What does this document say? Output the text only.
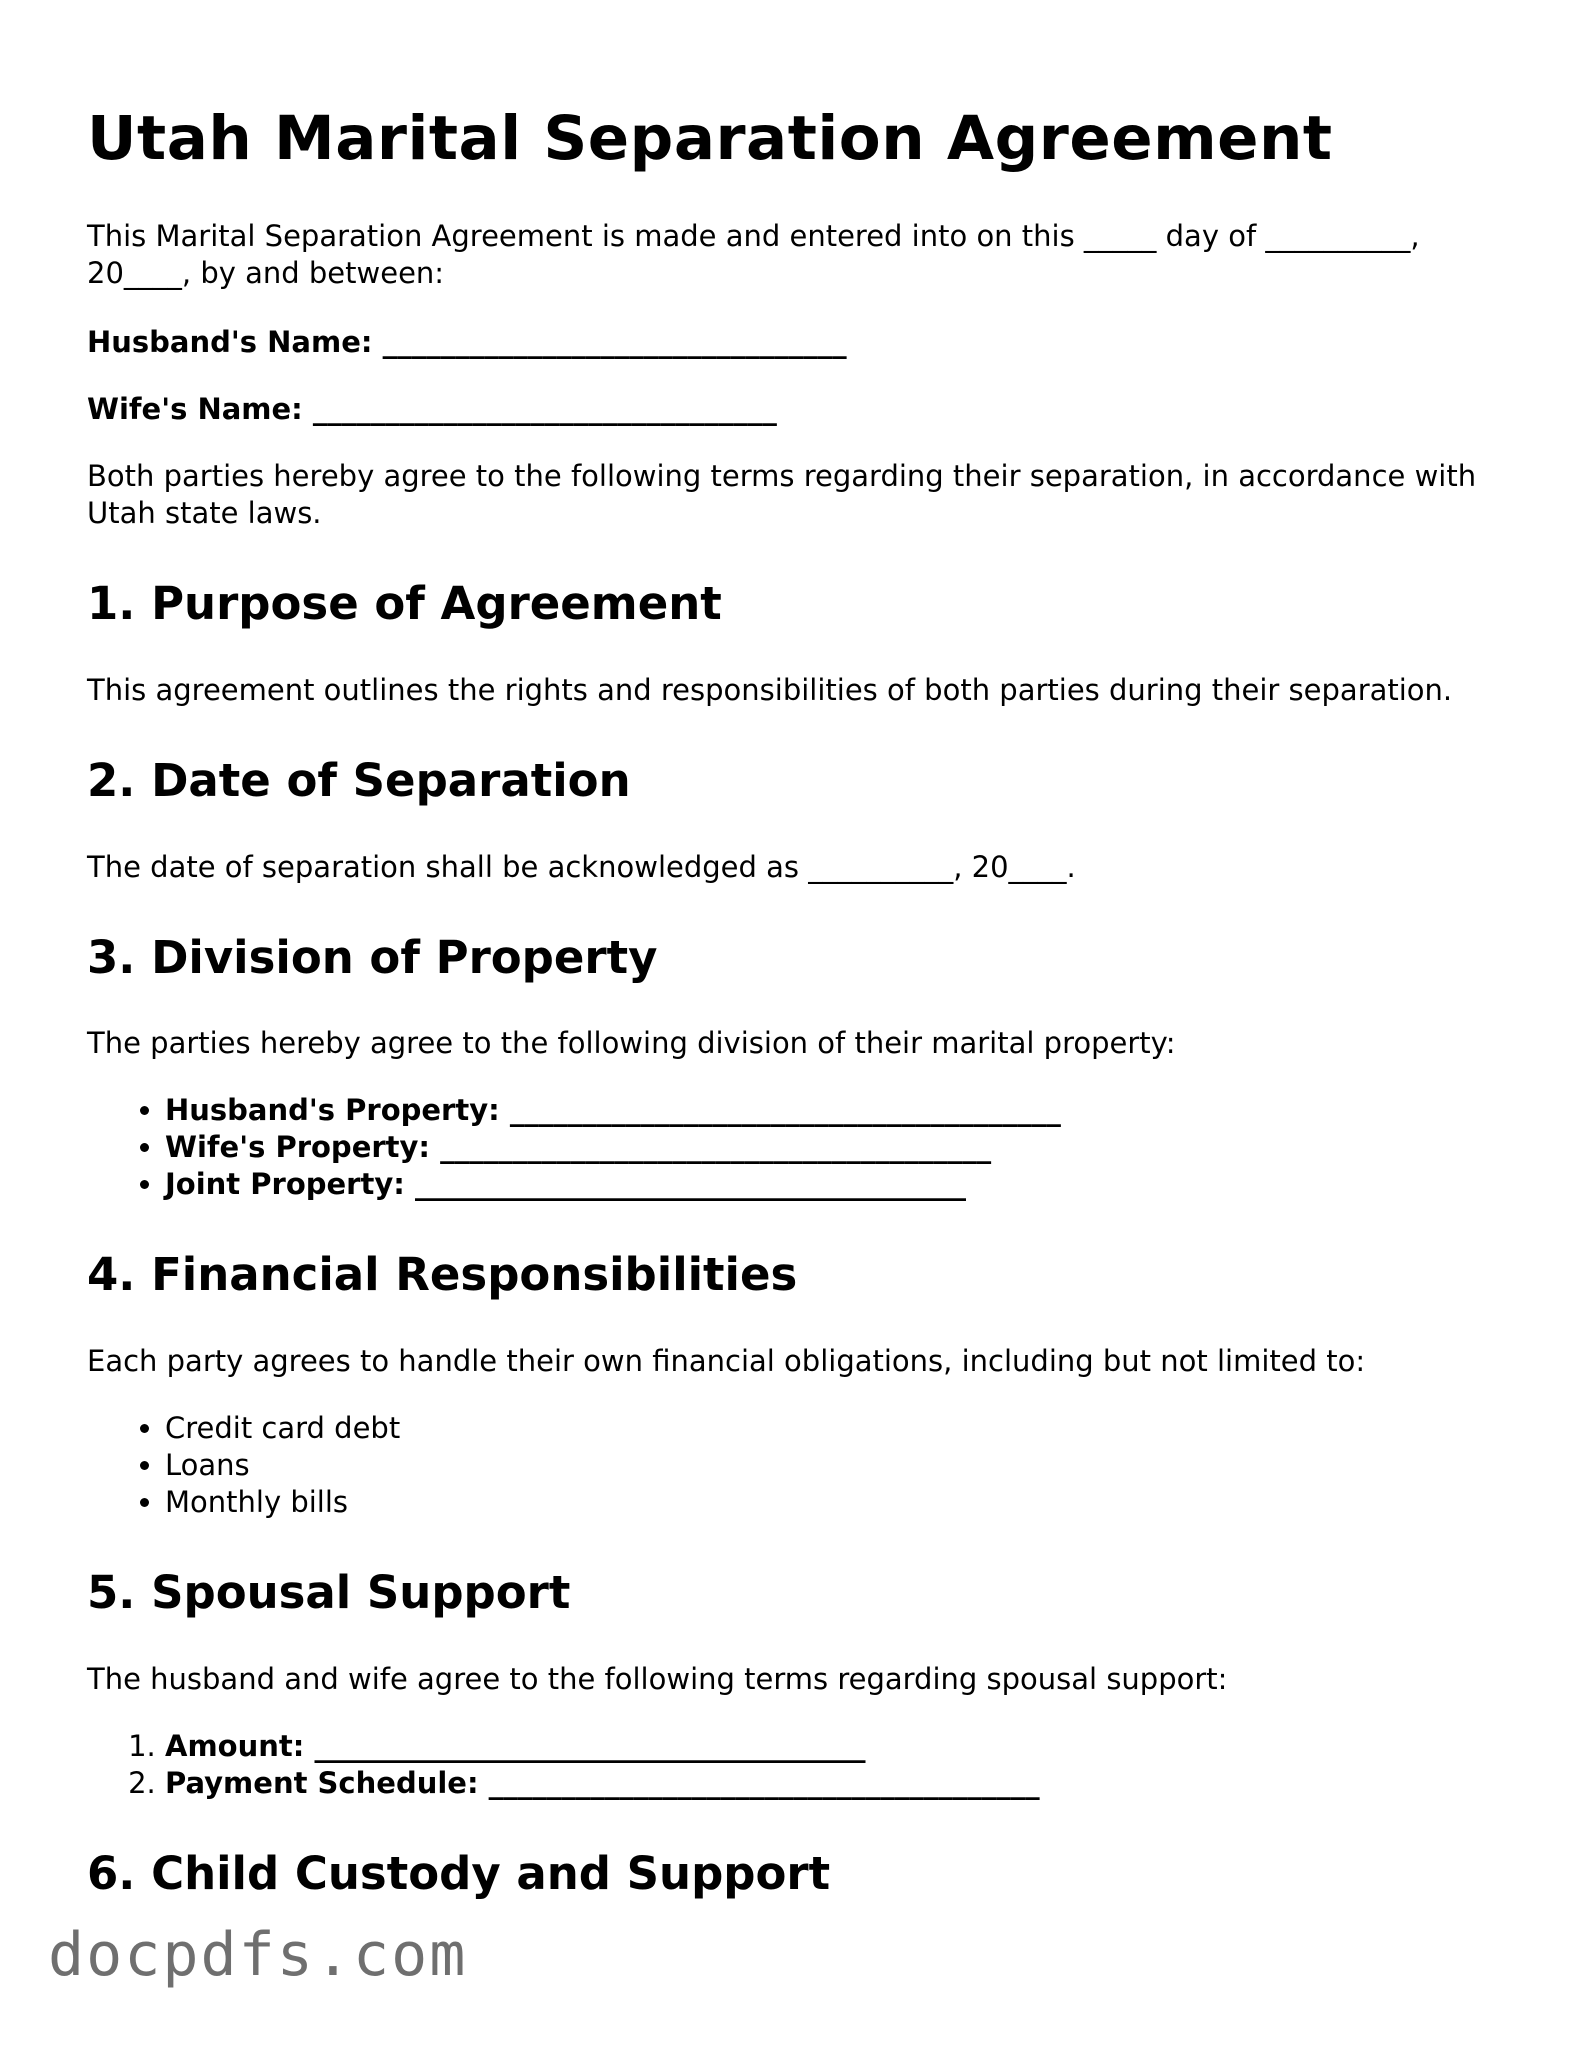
Utah Marital Separation Agreement

This Marital Separation Agreement is made and entered into on this _____ day of __________, 20____, by and between:

Husband's Name: ________________________________

Wife's Name: ________________________________

Both parties hereby agree to the following terms regarding their separation, in accordance with Utah state laws.

1. Purpose of Agreement

This agreement outlines the rights and responsibilities of both parties during their separation.

2. Date of Separation

The date of separation shall be acknowledged as __________, 20____.

3. Division of Property

The parties hereby agree to the following division of their marital property:

• Husband's Property: ______________________________________
• Wife's Property: ______________________________________
• Joint Property: ______________________________________
4. Financial Responsibilities

Each party agrees to handle their own financial obligations, including but not limited to:

• Credit card debt
• Loans
• Monthly bills
5. Spousal Support

The husband and wife agree to the following terms regarding spousal support:

1. Amount: ______________________________________
2. Payment Schedule: ______________________________________
6. Child Custody and Support
docpdfs.com
